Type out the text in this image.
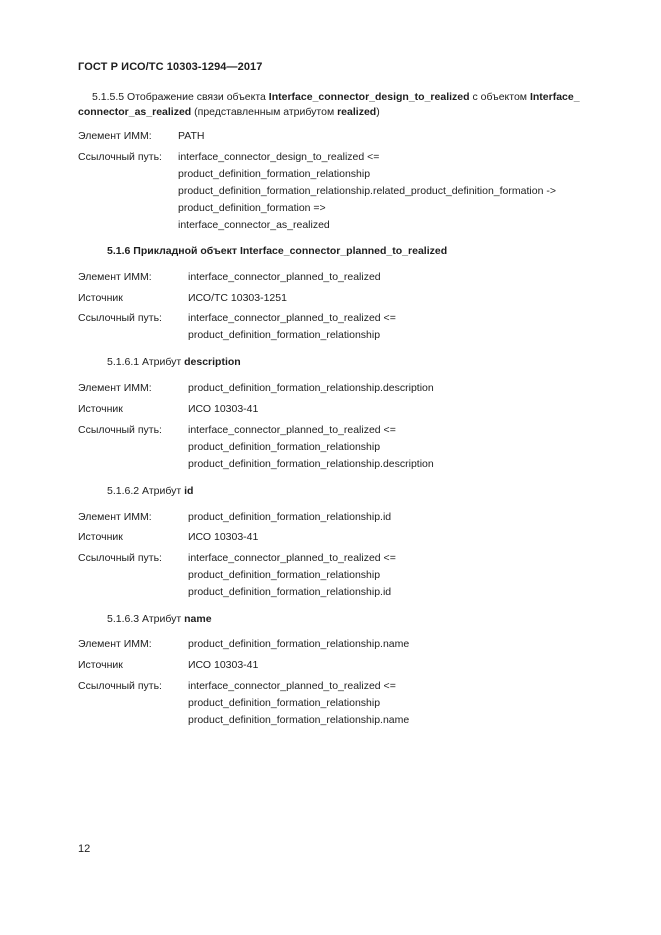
ГОСТ Р ИСО/ТС 10303-1294—2017
5.1.5.5 Отображение связи объекта Interface_connector_design_to_realized с объектом Interface_ connector_as_realized (представленным атрибутом realized)
Элемент ИММ:	PATH
Ссылочный путь: interface_connector_design_to_realized <=
product_definition_formation_relationship
product_definition_formation_relationship.related_product_definition_formation ->
product_definition_formation =>
interface_connector_as_realized
5.1.6 Прикладной объект Interface_connector_planned_to_realized
Элемент ИММ:	interface_connector_planned_to_realized
Источник	ИСО/ТС 10303-1251
Ссылочный путь: interface_connector_planned_to_realized <=
product_definition_formation_relationship
5.1.6.1 Атрибут description
Элемент ИММ:	product_definition_formation_relationship.description
Источник	ИСО 10303-41
Ссылочный путь: interface_connector_planned_to_realized <=
product_definition_formation_relationship
product_definition_formation_relationship.description
5.1.6.2 Атрибут id
Элемент ИММ:	product_definition_formation_relationship.id
Источник	ИСО 10303-41
Ссылочный путь: interface_connector_planned_to_realized <=
product_definition_formation_relationship
product_definition_formation_relationship.id
5.1.6.3 Атрибут name
Элемент ИММ:	product_definition_formation_relationship.name
Источник	ИСО 10303-41
Ссылочный путь: interface_connector_planned_to_realized <=
product_definition_formation_relationship
product_definition_formation_relationship.name
12
